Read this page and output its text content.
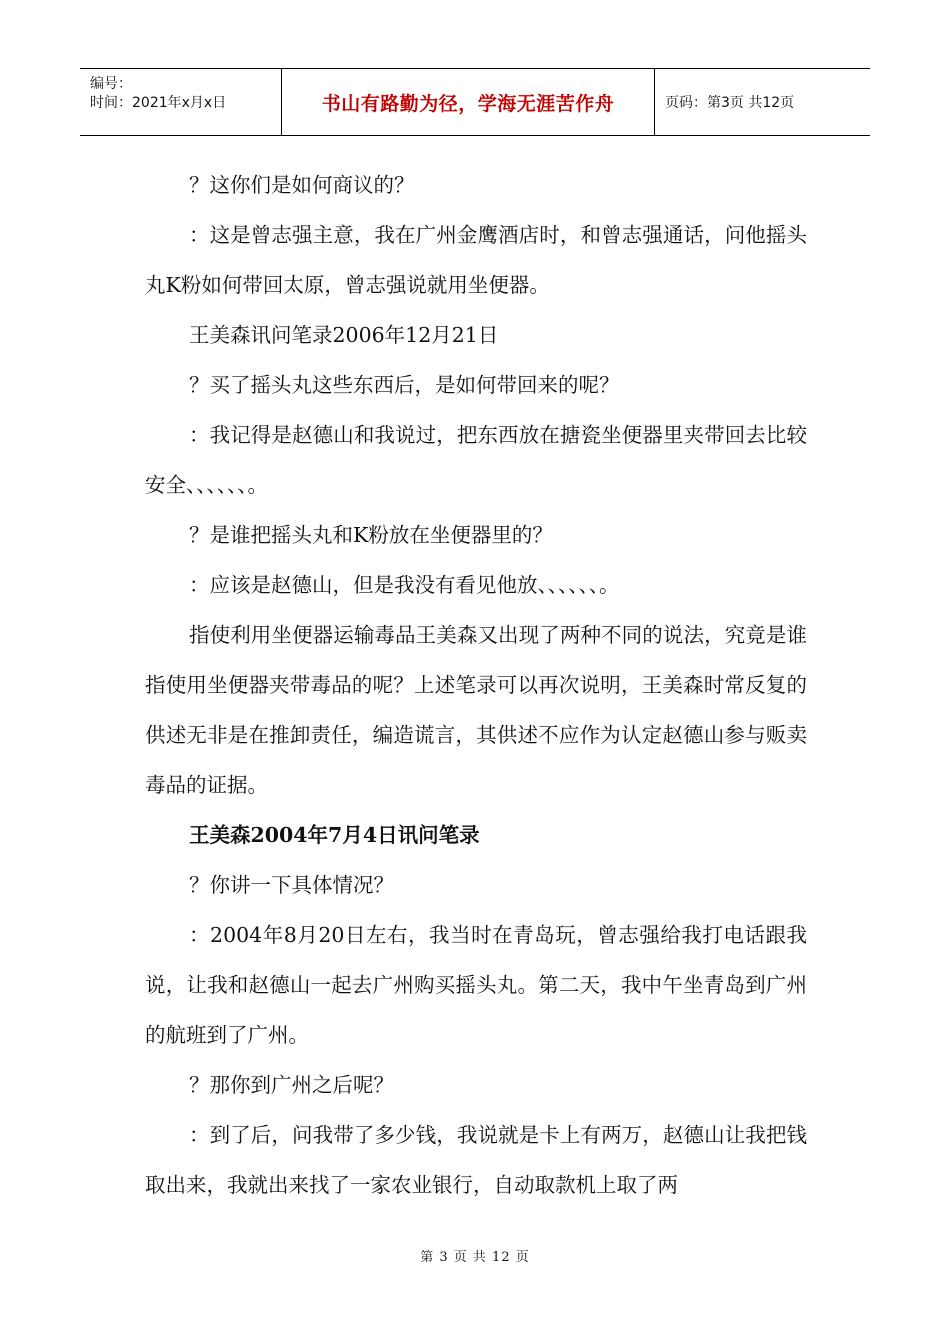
编号：
时间：2021年x月x日	书山有路勤为径，学海无涯苦作舟	页码：第3页 共12页

？这你们是如何商议的？

：这是曾志强主意，我在广州金鹰酒店时，和曾志强通话，问他摇头丸K粉如何带回太原，曾志强说就用坐便器。

王美森讯问笔录2006年12月21日

？买了摇头丸这些东西后，是如何带回来的呢？

：我记得是赵德山和我说过，把东西放在搪瓷坐便器里夹带回去比较安全、、、、、、。

？是谁把摇头丸和K粉放在坐便器里的？

：应该是赵德山，但是我没有看见他放、、、、、、。

指使利用坐便器运输毒品王美森又出现了两种不同的说法，究竟是谁指使用坐便器夹带毒品的呢？上述笔录可以再次说明，王美森时常反复的供述无非是在推卸责任，编造谎言，其供述不应作为认定赵德山参与贩卖毒品的证据。

王美森2004年7月4日讯问笔录

？你讲一下具体情况？

：2004年8月20日左右，我当时在青岛玩，曾志强给我打电话跟我说，让我和赵德山一起去广州购买摇头丸。第二天，我中午坐青岛到广州的航班到了广州。

？那你到广州之后呢？

：到了后，问我带了多少钱，我说就是卡上有两万，赵德山让我把钱取出来，我就出来找了一家农业银行，自动取款机上取了两

第 3 页 共 12 页
